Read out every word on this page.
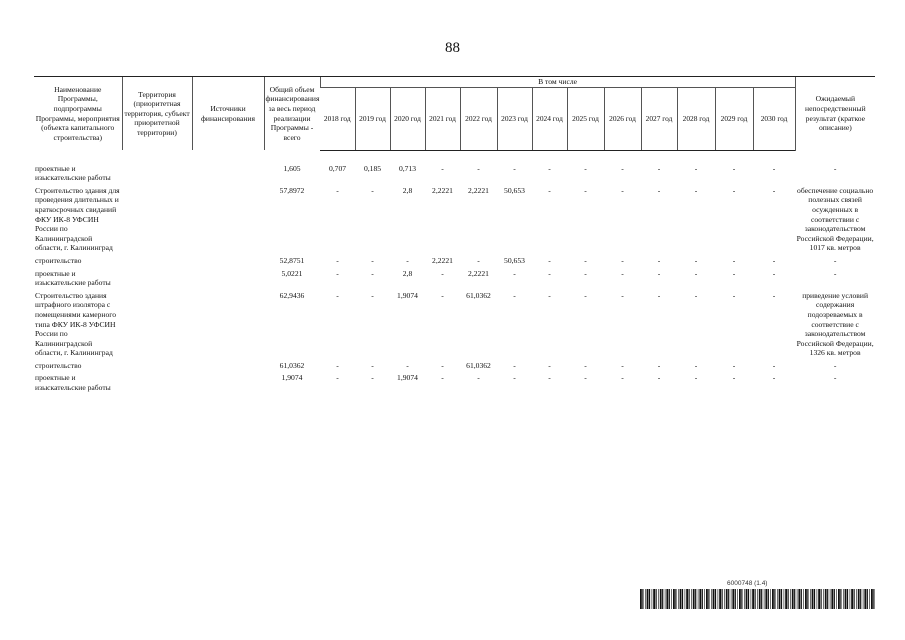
88
Наименование Программы, подпрограммы Программы, мероприятия (объекта капитального строительства)	Территория (приоритетная территория, субъект приоритетной территории)	Источники финансирования	Общий объем финансирования за весь период реализации Программы - всего	В том числе													Ожидаемый непосредственный результат (краткое описание)
				2018 год	2019 год	2020 год	2021 год	2022 год	2023 год	2024 год	2025 год	2026 год	2027 год	2028 год	2029 год	2030 год	

проектные и изыскательские работы			1,605	0,707	0,185	0,713	-	-	-	-	-	-	-	-	-	-	-
Строительство здания для проведения длительных и краткосрочных свиданий ФКУ ИК-8 УФСИН России по Калининградской области, г. Калининград			57,8972	-	-	2,8	2,2221	2,2221	50,653	-	-	-	-	-	-	-	обеспечение социально полезных связей осужденных в соответствии с законодательством Российской Федерации, 1017 кв. метров
строительство			52,8751	-	-	-	2,2221	-	50,653	-	-	-	-	-	-	-	-
проектные и изыскательские работы			5,0221	-	-	2,8	-	2,2221	-	-	-	-	-	-	-	-	-
Строительство здания штрафного изолятора с помещениями камерного типа ФКУ ИК-8 УФСИН России по Калининградской области, г. Калининград			62,9436	-	-	1,9074	-	61,0362	-	-	-	-	-	-	-	-	приведение условий содержания подозреваемых в соответствие с законодательством Российской Федерации, 1326 кв. метров
строительство			61,0362	-	-	-	-	61,0362	-	-	-	-	-	-	-	-	-
проектные и изыскательские работы			1,9074	-	-	1,9074	-	-	-	-	-	-	-	-	-	-	-
6000748 (1.4)
